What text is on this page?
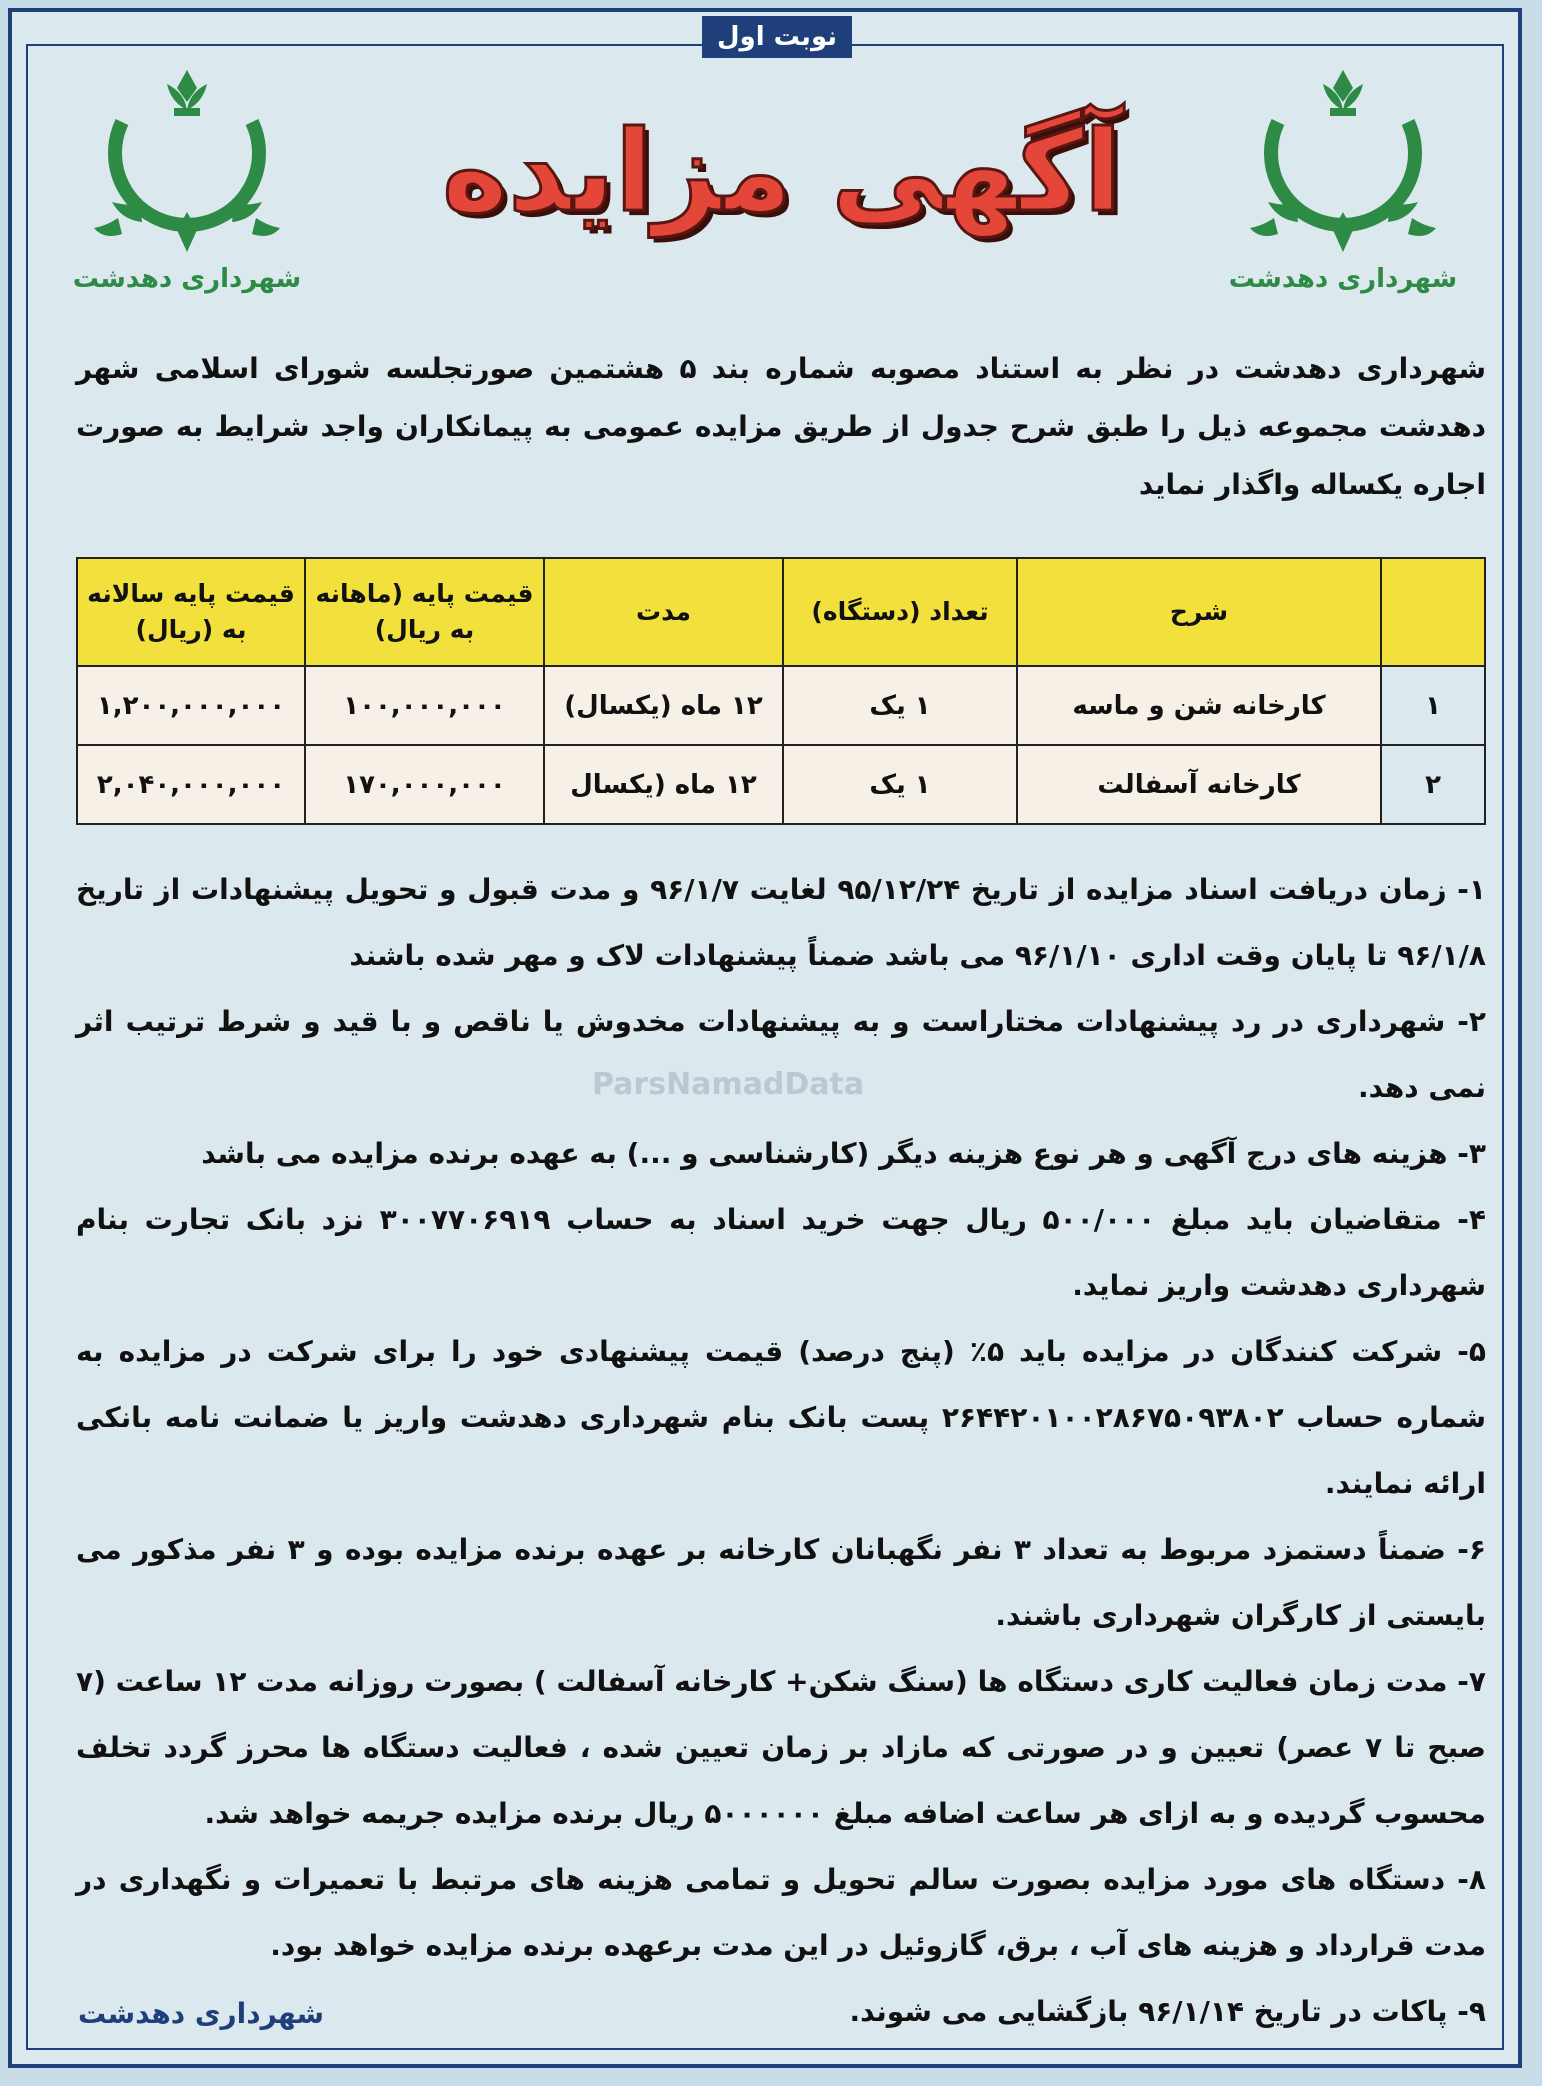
نوبت اول
شهرداری دهدشت
شهرداری دهدشت
آگهی مزایده
شهرداری دهدشت در نظر به استناد مصوبه شماره بند ۵ هشتمین صورتجلسه شورای اسلامی شهر دهدشت مجموعه ذیل را طبق شرح جدول از طریق مزایده عمومی به پیمانکاران واجد شرایط به صورت اجاره یکساله واگذار نماید
	شرح	تعداد (دستگاه)	مدت	قیمت پایه (ماهانه به ریال)	قیمت پایه سالانه به (ریال)
۱	کارخانه شن و ماسه	۱ یک	۱۲ ماه (یکسال)	۱۰۰,۰۰۰,۰۰۰	۱,۲۰۰,۰۰۰,۰۰۰
۲	کارخانه آسفالت	۱ یک	۱۲ ماه (یکسال	۱۷۰,۰۰۰,۰۰۰	۲,۰۴۰,۰۰۰,۰۰۰
ParsNamadData

۱- زمان دریافت اسناد مزایده از تاریخ ۹۵/۱۲/۲۴ لغایت ۹۶/۱/۷ و مدت قبول و تحویل پیشنهادات از تاریخ ۹۶/۱/۸ تا پایان وقت اداری ۹۶/۱/۱۰ می باشد ضمناً پیشنهادات لاک و مهر شده باشند

۲- شهرداری در رد پیشنهادات مختاراست و به پیشنهادات مخدوش یا ناقص و با قید و شرط ترتیب اثر نمی دهد.

۳- هزینه های درج آگهی و هر نوع هزینه دیگر (کارشناسی و ...) به عهده برنده مزایده می باشد

۴- متقاضیان باید مبلغ ۵۰۰/۰۰۰ ریال جهت خرید اسناد به حساب ۳۰۰۷۷۰۶۹۱۹ نزد بانک تجارت بنام شهرداری دهدشت واریز نماید.

۵- شرکت کنندگان در مزایده باید ۵٪ (پنج درصد) قیمت پیشنهادی خود را برای شرکت در مزایده به شماره حساب ۲۶۴۴۲۰۱۰۰۲۸۶۷۵۰۹۳۸۰۲ پست بانک بنام شهرداری دهدشت واریز یا ضمانت نامه بانکی ارائه نمایند.

۶- ضمناً دستمزد مربوط به تعداد ۳ نفر نگهبانان کارخانه بر عهده برنده مزایده بوده و ۳ نفر مذکور می بایستی از کارگران شهرداری باشند.

۷- مدت زمان فعالیت کاری دستگاه ها (سنگ شکن+ کارخانه آسفالت ) بصورت روزانه مدت ۱۲ ساعت (۷ صبح تا ۷ عصر) تعیین و در صورتی که مازاد بر زمان تعیین شده ، فعالیت دستگاه ها محرز گردد تخلف محسوب گردیده و به ازای هر ساعت اضافه مبلغ ۵۰۰۰۰۰۰ ریال برنده مزایده جریمه خواهد شد.

۸- دستگاه های مورد مزایده بصورت سالم تحویل و تمامی هزینه های مرتبط با تعمیرات و نگهداری در مدت قرارداد و هزینه های آب ، برق، گازوئیل در این مدت برعهده برنده مزایده خواهد بود.

۹- پاکات در تاریخ ۹۶/۱/۱۴ بازگشایی می شوند.

شهرداری دهدشت
